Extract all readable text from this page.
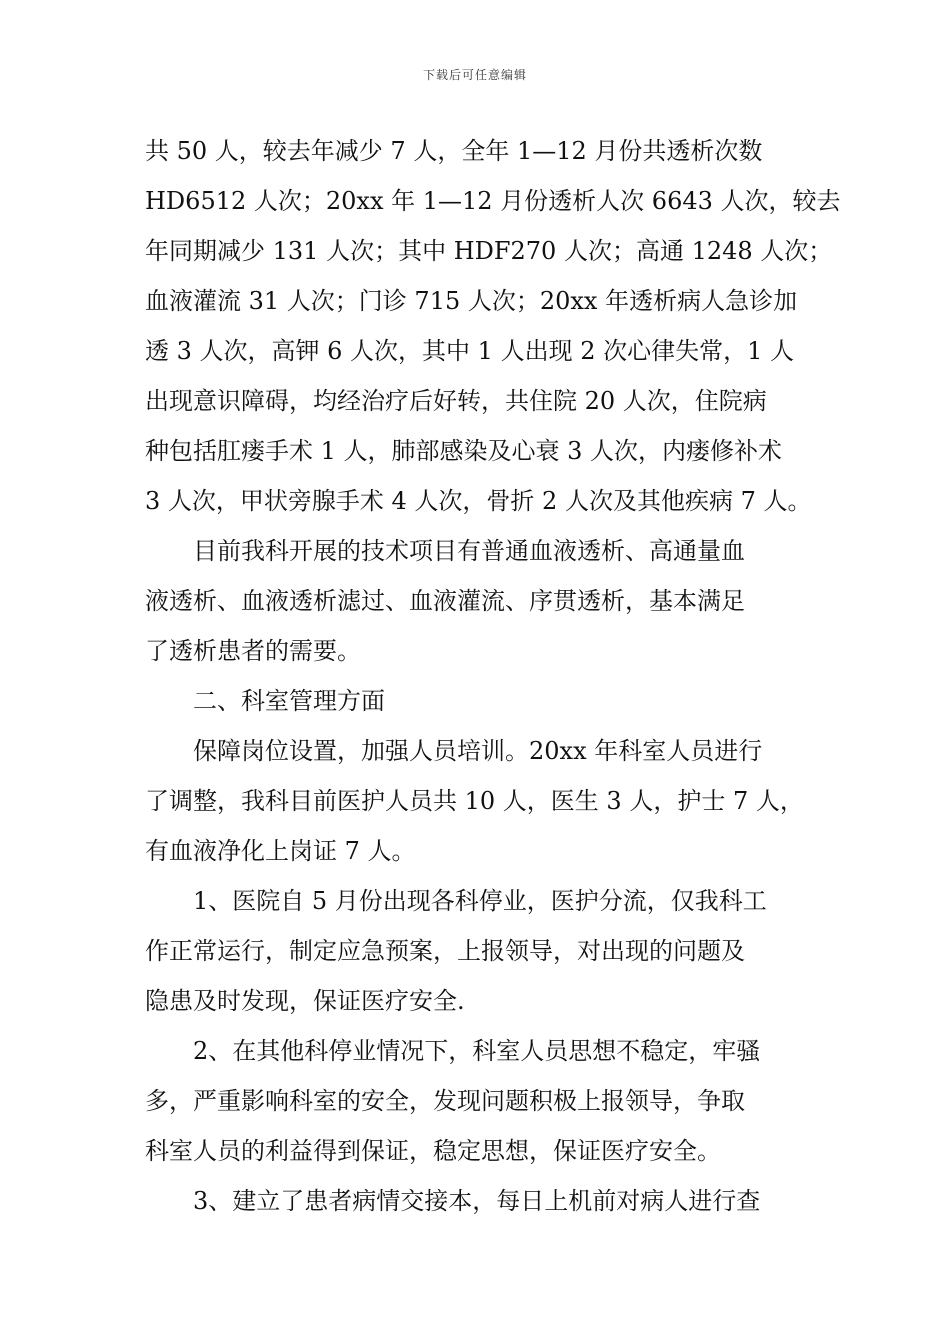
下载后可任意编辑
共 50 人，较去年减少 7 人，全年 1—12 月份共透析次数
HD6512 人次；20xx 年 1—12 月份透析人次 6643 人次，较去
年同期减少 131 人次；其中 HDF270 人次；高通 1248 人次；
血液灌流 31 人次；门诊 715 人次；20xx 年透析病人急诊加
透 3 人次，高钾 6 人次，其中 1 人出现 2 次心律失常，1 人
出现意识障碍，均经治疗后好转，共住院 20 人次，住院病
种包括肛瘘手术 1 人，肺部感染及心衰 3 人次，内瘘修补术
3 人次，甲状旁腺手术 4 人次，骨折 2 人次及其他疾病 7 人。
目前我科开展的技术项目有普通血液透析、高通量血
液透析、血液透析滤过、血液灌流、序贯透析，基本满足
了透析患者的需要。
二、科室管理方面
保障岗位设置，加强人员培训。20xx 年科室人员进行
了调整，我科目前医护人员共 10 人，医生 3 人，护士 7 人，
有血液净化上岗证 7 人。
1、医院自 5 月份出现各科停业，医护分流，仅我科工
作正常运行，制定应急预案，上报领导，对出现的问题及
隐患及时发现，保证医疗安全.
2、在其他科停业情况下，科室人员思想不稳定，牢骚
多，严重影响科室的安全，发现问题积极上报领导，争取
科室人员的利益得到保证，稳定思想，保证医疗安全。
3、建立了患者病情交接本，每日上机前对病人进行查
